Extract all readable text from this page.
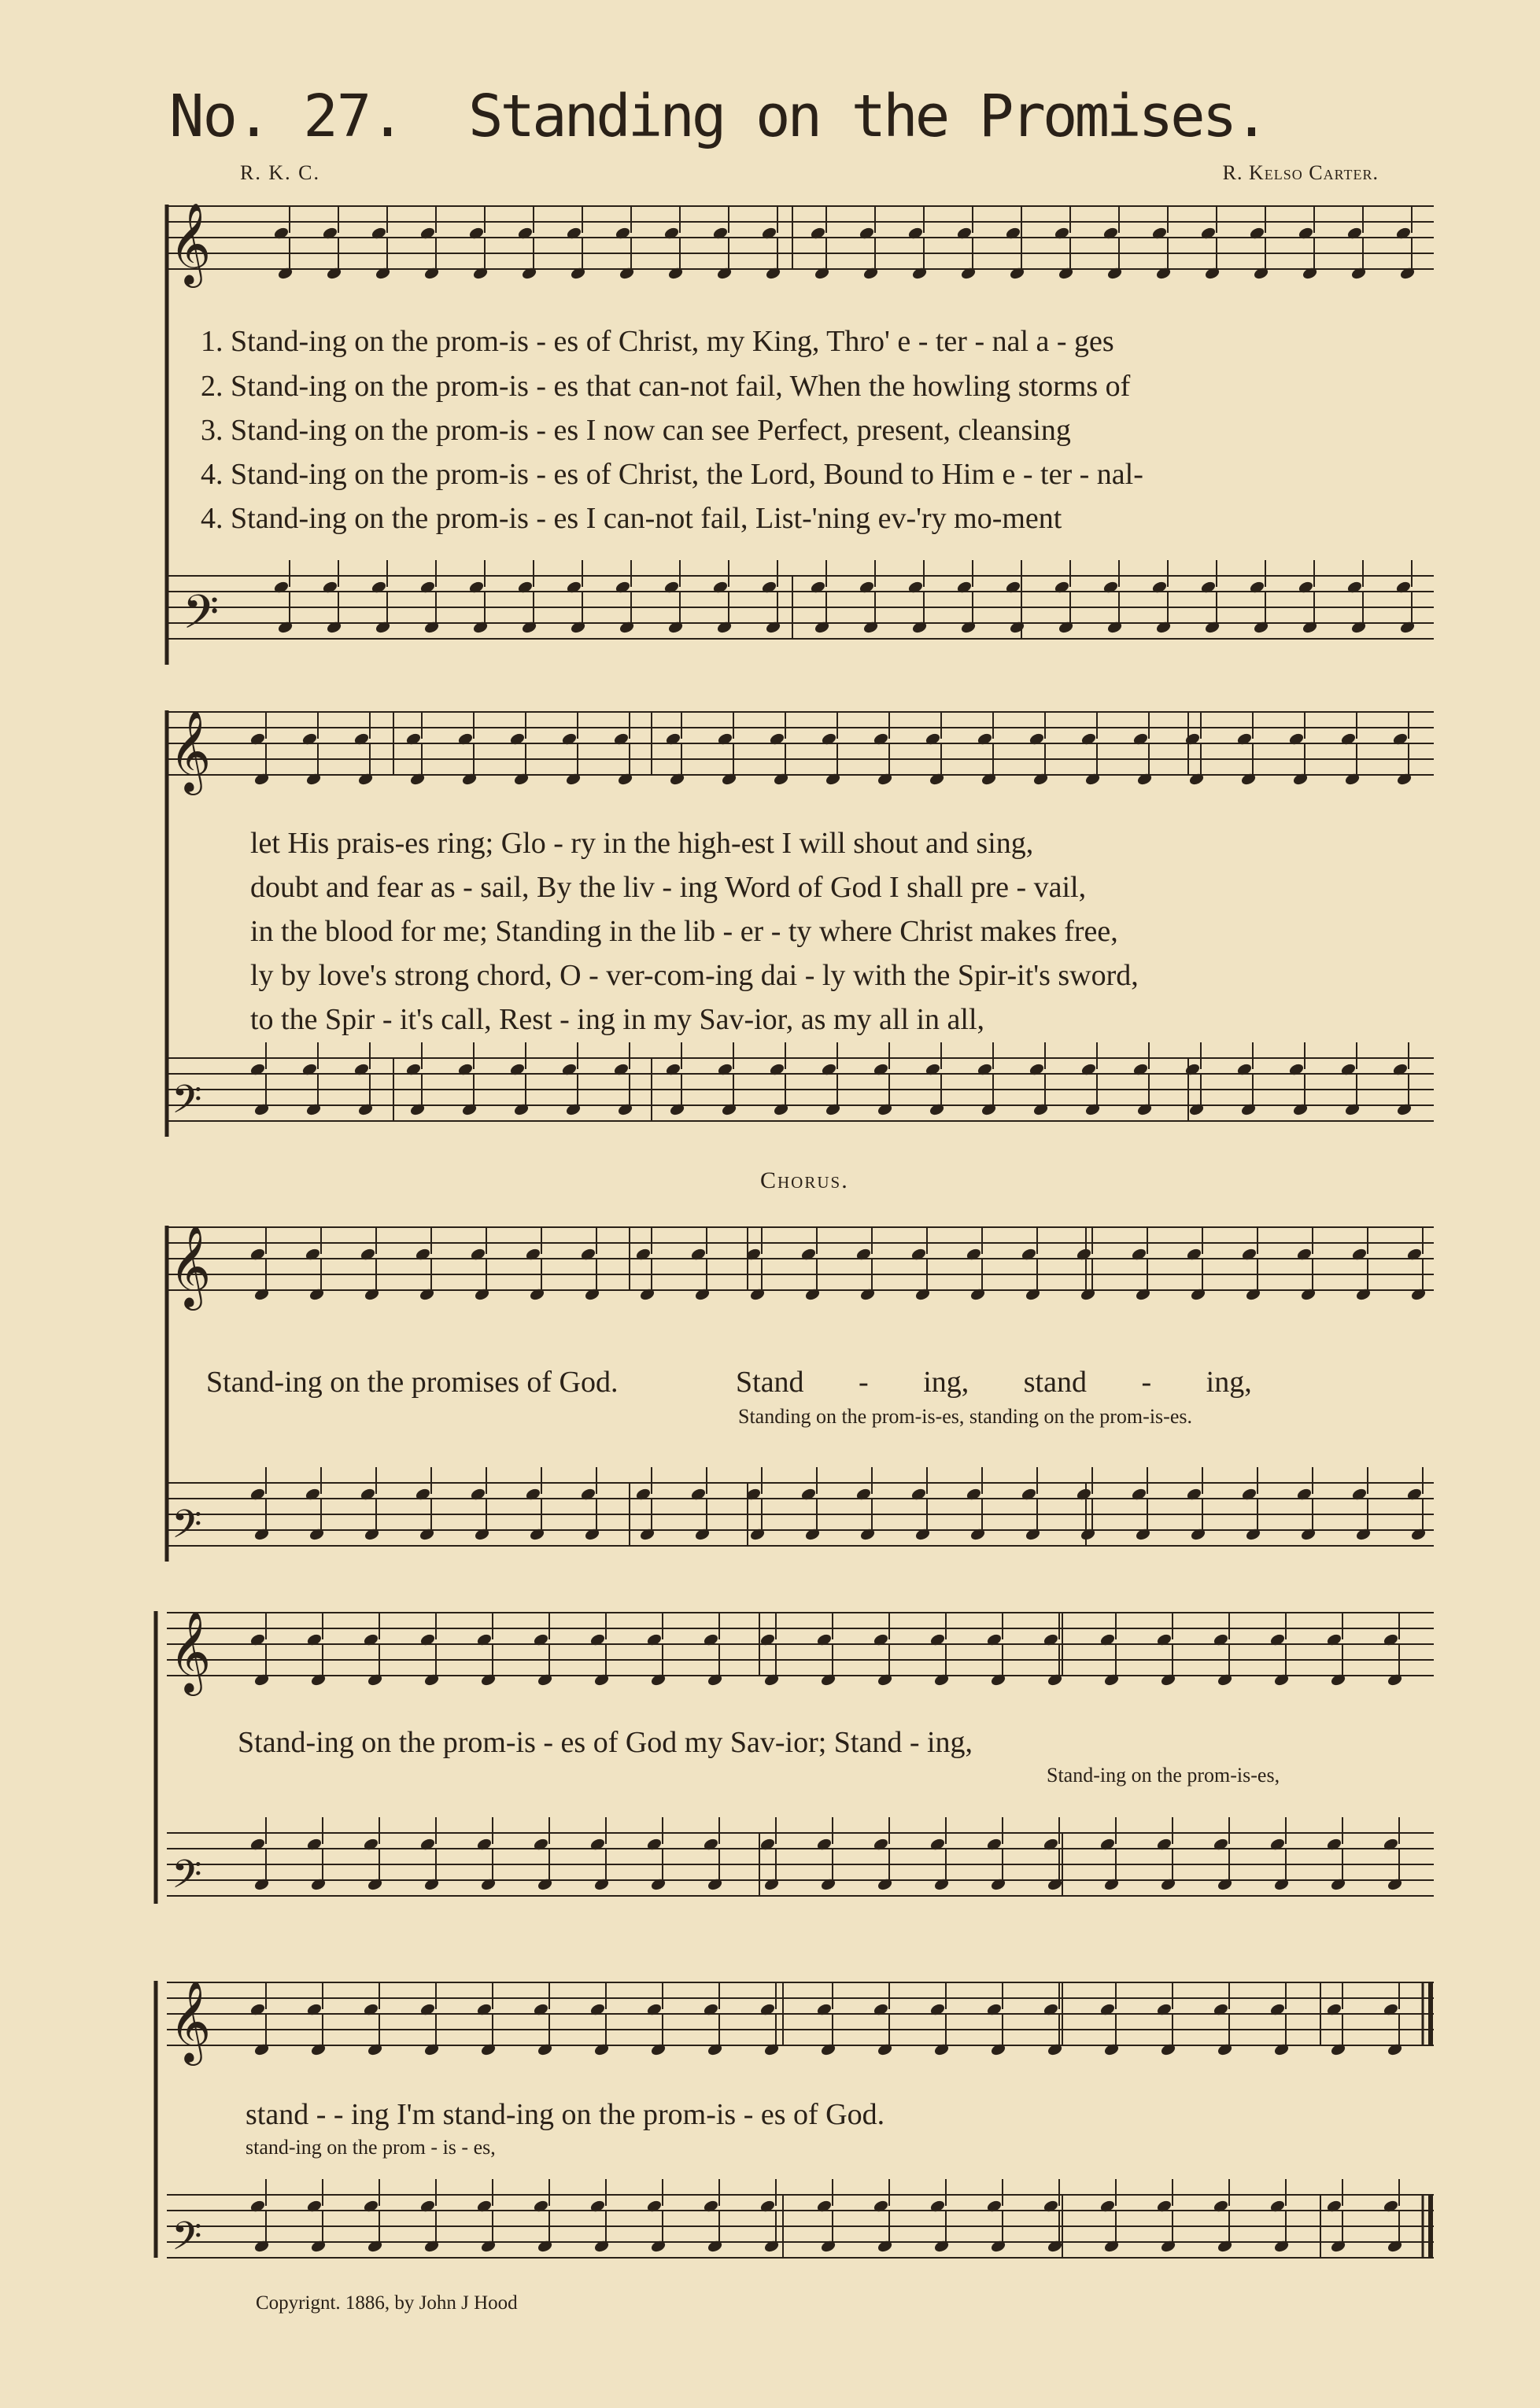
No. 27. Standing on the Promises.
R. K. C.	R. Kelso Carter.
𝄞
𝄢
𝄞
𝄢
𝄞
𝄢
𝄞
𝄢
𝄞
𝄢
1. Stand-ing on the prom-is - es of Christ, my King, Thro' e - ter - nal a - ges
2. Stand-ing on the prom-is - es that can-not fail, When the howling storms of
3. Stand-ing on the prom-is - es I now can see Perfect, present, cleansing
4. Stand-ing on the prom-is - es of Christ, the Lord, Bound to Him e - ter - nal-
4. Stand-ing on the prom-is - es I can-not fail, List-'ning ev-'ry mo-ment
let His prais-es ring; Glo - ry in the high-est I will shout and sing,
doubt and fear as - sail, By the liv - ing Word of God I shall pre - vail,
in the blood for me; Standing in the lib - er - ty where Christ makes free,
ly by love's strong chord, O - ver-com-ing dai - ly with the Spir-it's sword,
to the Spir - it's call, Rest - ing in my Sav-ior, as my all in all,
Chorus.
Stand-ing on the promises of God.	Stand - ing, stand - ing,
Standing on the prom-is-es, standing on the prom-is-es.
Stand-ing on the prom-is - es of God my Sav-ior; Stand - ing,
Stand-ing on the prom-is-es,
stand - - ing I'm stand-ing on the prom-is - es of God.
stand-ing on the prom - is - es,
Copyrignt. 1886, by John J Hood
